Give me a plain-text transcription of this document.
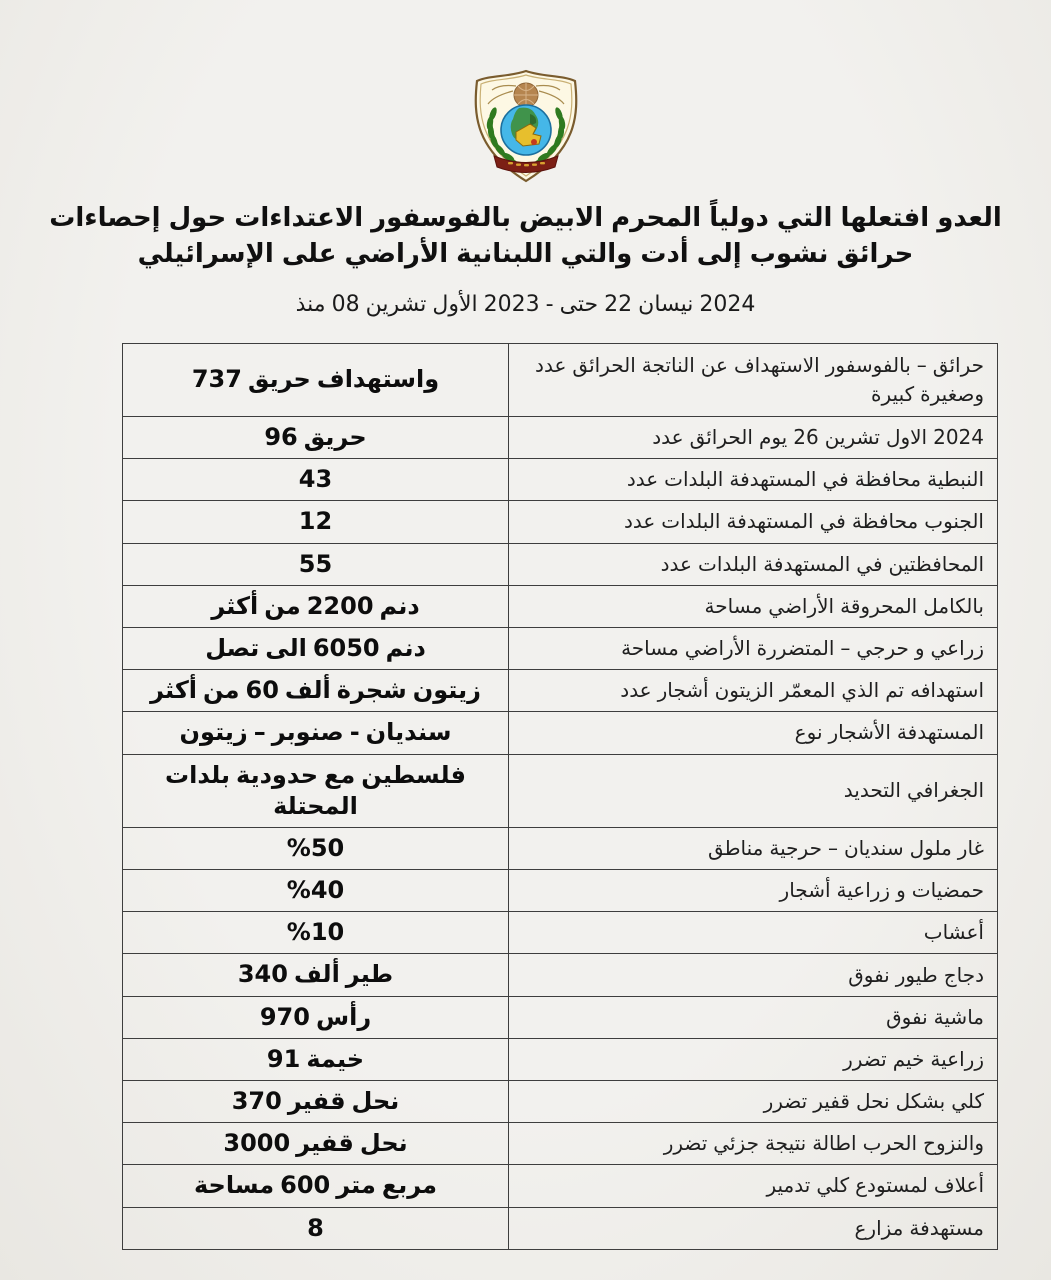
إحصاءات حول الاعتداءات بالفوسفور الابيض المحرم دولياً التي افتعلها العدو
الإسرائيلي على الأراضي اللبنانية والتي أدت إلى نشوب حرائق
منذ 08 تشرين الأول 2023 - حتى 22 نيسان 2024
737 حريق واستهداف	عدد الحرائق الناتجة عن الاستهداف بالفوسفور – حرائقكبيرة وصغيرة
96 حريق	عدد الحرائق يوم 26 تشرين الاول 2024
43	عدد البلدات المستهدفة في محافظة النبطية
12	عدد البلدات المستهدفة في محافظة الجنوب
55	عدد البلدات المستهدفة في المحافظتين
أكثر من 2200 دنم	مساحة الأراضي المحروقة بالكامل
تصل الى 6050 دنم	مساحة الأراضي المتضررة – حرجي و زراعي
أكثر من 60 ألف شجرة زيتون	عدد أشجار الزيتون المعمّر الذي تم استهدافه
زيتون – صنوبر - سنديان	نوع الأشجار المستهدفة
بلدات حدودية مع فلسطينالمحتلة	التحديد الجغرافي
%50	مناطق حرجية – سنديان ملول غار
%40	أشجار زراعية و حمضيات
%10	أعشاب
340 ألف طير	نفوق طيور دجاج
970 رأس	نفوق ماشية
91 خيمة	تضرر خيم زراعية
370 قفير نحل	تضرر قفير نحل بشكل كلي
3000 قفير نحل	تضرر جزئي نتيجة اطالة الحرب والنزوح
مساحة 600 متر مربع	تدمير كلي لمستودع أعلاف
8	مزارع مستهدفة
